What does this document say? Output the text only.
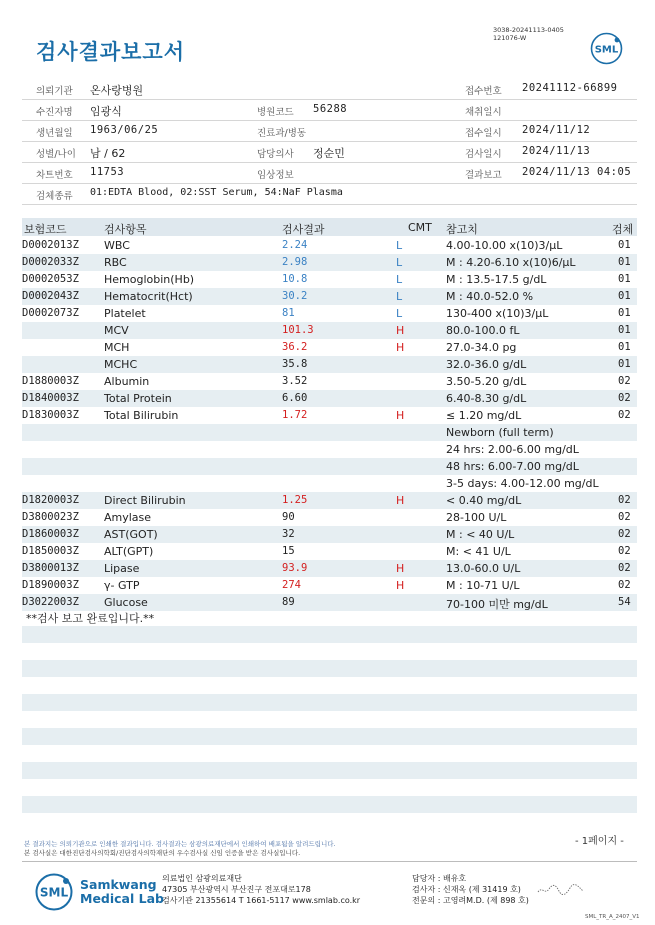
검사결과보고서
3038-20241113-0405
121076-W
SML
의뢰기관 온사랑병원	접수번호 20241112-66899
수진자명 임광식	병원코드 56288	채취일시
생년월일 1963/06/25	진료과/병동	접수일시 2024/11/12
성별/나이 남 / 62	담당의사 정순민	검사일시 2024/11/13
차트번호 11753	임상정보	결과보고 2024/11/13 04:05
검체종류 01:EDTA Blood, 02:SST Serum, 54:NaF Plasma
보험코드	검사항목	검사결과	CMT 참고치	검체
D0002013Z WBC	2.24	L	4.00-10.00 x(10)3/μL	01
D0002033Z RBC	2.98	L	M : 4.20-6.10 x(10)6/μL	01
D0002053Z Hemoglobin(Hb)	10.8	L	M : 13.5-17.5 g/dL	01
D0002043Z Hematocrit(Hct)	30.2	L	M : 40.0-52.0 %	01
D0002073Z Platelet	81	L	130-400 x(10)3/μL	01
MCV	101.3	H	80.0-100.0 fL	01
MCH	36.2	H	27.0-34.0 pg	01
MCHC	35.8	32.0-36.0 g/dL	01
D1880003Z Albumin	3.52	3.50-5.20 g/dL	02
D1840003Z Total Protein	6.60	6.40-8.30 g/dL	02
D1830003Z Total Bilirubin	1.72	H	≤ 1.20 mg/dL	02
Newborn (full term)
24 hrs: 2.00-6.00 mg/dL
48 hrs: 6.00-7.00 mg/dL
3-5 days: 4.00-12.00 mg/dL
D1820003Z Direct Bilirubin	1.25	H	< 0.40 mg/dL	02
D3800023Z Amylase	90	28-100 U/L	02
D1860003Z AST(GOT)	32	M : < 40 U/L	02
D1850003Z ALT(GPT)	15	M: < 41 U/L	02
D3800013Z Lipase	93.9	H	13.0-60.0 U/L	02
D1890003Z γ- GTP	274	H	M : 10-71 U/L	02
D3022003Z Glucose	89	70-100 미만 mg/dL	54
**검사 보고 완료입니다.**
본 결과지는 의뢰기관으로 인쇄한 결과입니다. 검사결과는 삼광의료재단에서 인쇄하여 배포됨을 알려드립니다.
본 검사실은 대한진단검사의학회/진단검사의학재단의 우수검사실 신임 인증을 받은 검사실입니다.
- 1페이지 -
SML
Samkwang
Medical Lab
의료법인 삼광의료재단
47305 부산광역시 부산진구 전포대로178
검사기관 21355614 T 1661-5117 www.smlab.co.kr
담당자 : 배유호
검사자 : 신재옥 (제 31419 호)
전문의 : 고영려M.D. (제 898 호)
SML_TR_A_2407_V1
